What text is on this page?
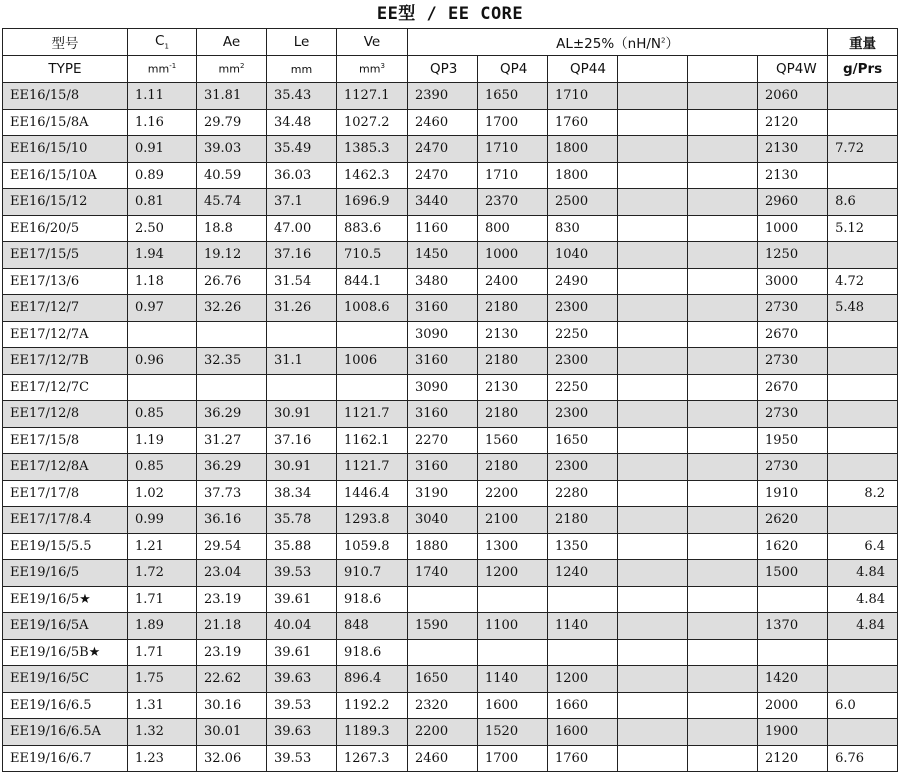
EE型 / EE CORE
型号	$C_1$	Ae	Le	Ve	$AL\pm 25\%(nH/N^2)$						重量
TYPE	$mm^{-1}$	$mm^2$	mm	$mm^3$	QP3	QP4	QP44			QP4W	g/Prs
EE16/15/8	1.11	31.81	35.43	1127.1	2390	1650	1710			2060	
EE16/15/8A	1.16	29.79	34.48	1027.2	2460	1700	1760			2120	
EE16/15/10	0.91	39.03	35.49	1385.3	2470	1710	1800			2130	7.72
EE16/15/10A	0.89	40.59	36.03	1462.3	2470	1710	1800			2130	
EE16/15/12	0.81	45.74	37.1	1696.9	3440	2370	2500			2960	8.6
EE16/20/5	2.50	18.8	47.00	883.6	1160	800	830			1000	5.12
EE17/15/5	1.94	19.12	37.16	710.5	1450	1000	1040			1250	
EE17/13/6	1.18	26.76	31.54	844.1	3480	2400	2490			3000	4.72
EE17/12/7	0.97	32.26	31.26	1008.6	3160	2180	2300			2730	5.48
EE17/12/7A					3090	2130	2250			2670	
EE17/12/7B	0.96	32.35	31.1	1006	3160	2180	2300			2730	
EE17/12/7C					3090	2130	2250			2670	
EE17/12/8	0.85	36.29	30.91	1121.7	3160	2180	2300			2730	
EE17/15/8	1.19	31.27	37.16	1162.1	2270	1560	1650			1950	
EE17/12/8A	0.85	36.29	30.91	1121.7	3160	2180	2300			2730	
EE17/17/8	1.02	37.73	38.34	1446.4	3190	2200	2280			1910	8.2
EE17/17/8.4	0.99	36.16	35.78	1293.8	3040	2100	2180			2620	
EE19/15/5.5	1.21	29.54	35.88	1059.8	1880	1300	1350			1620	6.4
EE19/16/5	1.72	23.04	39.53	910.7	1740	1200	1240			1500	4.84
EE19/16/5★	1.71	23.19	39.61	918.6							4.84
EE19/16/5A	1.89	21.18	40.04	848	1590	1100	1140			1370	4.84
EE19/16/5B★	1.71	23.19	39.61	918.6							
EE19/16/5C	1.75	22.62	39.63	896.4	1650	1140	1200			1420	
EE19/16/6.5	1.31	30.16	39.53	1192.2	2320	1600	1660			2000	6.0
EE19/16/6.5A	1.32	30.01	39.63	1189.3	2200	1520	1600			1900	
EE19/16/6.7	1.23	32.06	39.53	1267.3	2460	1700	1760			2120	6.76
